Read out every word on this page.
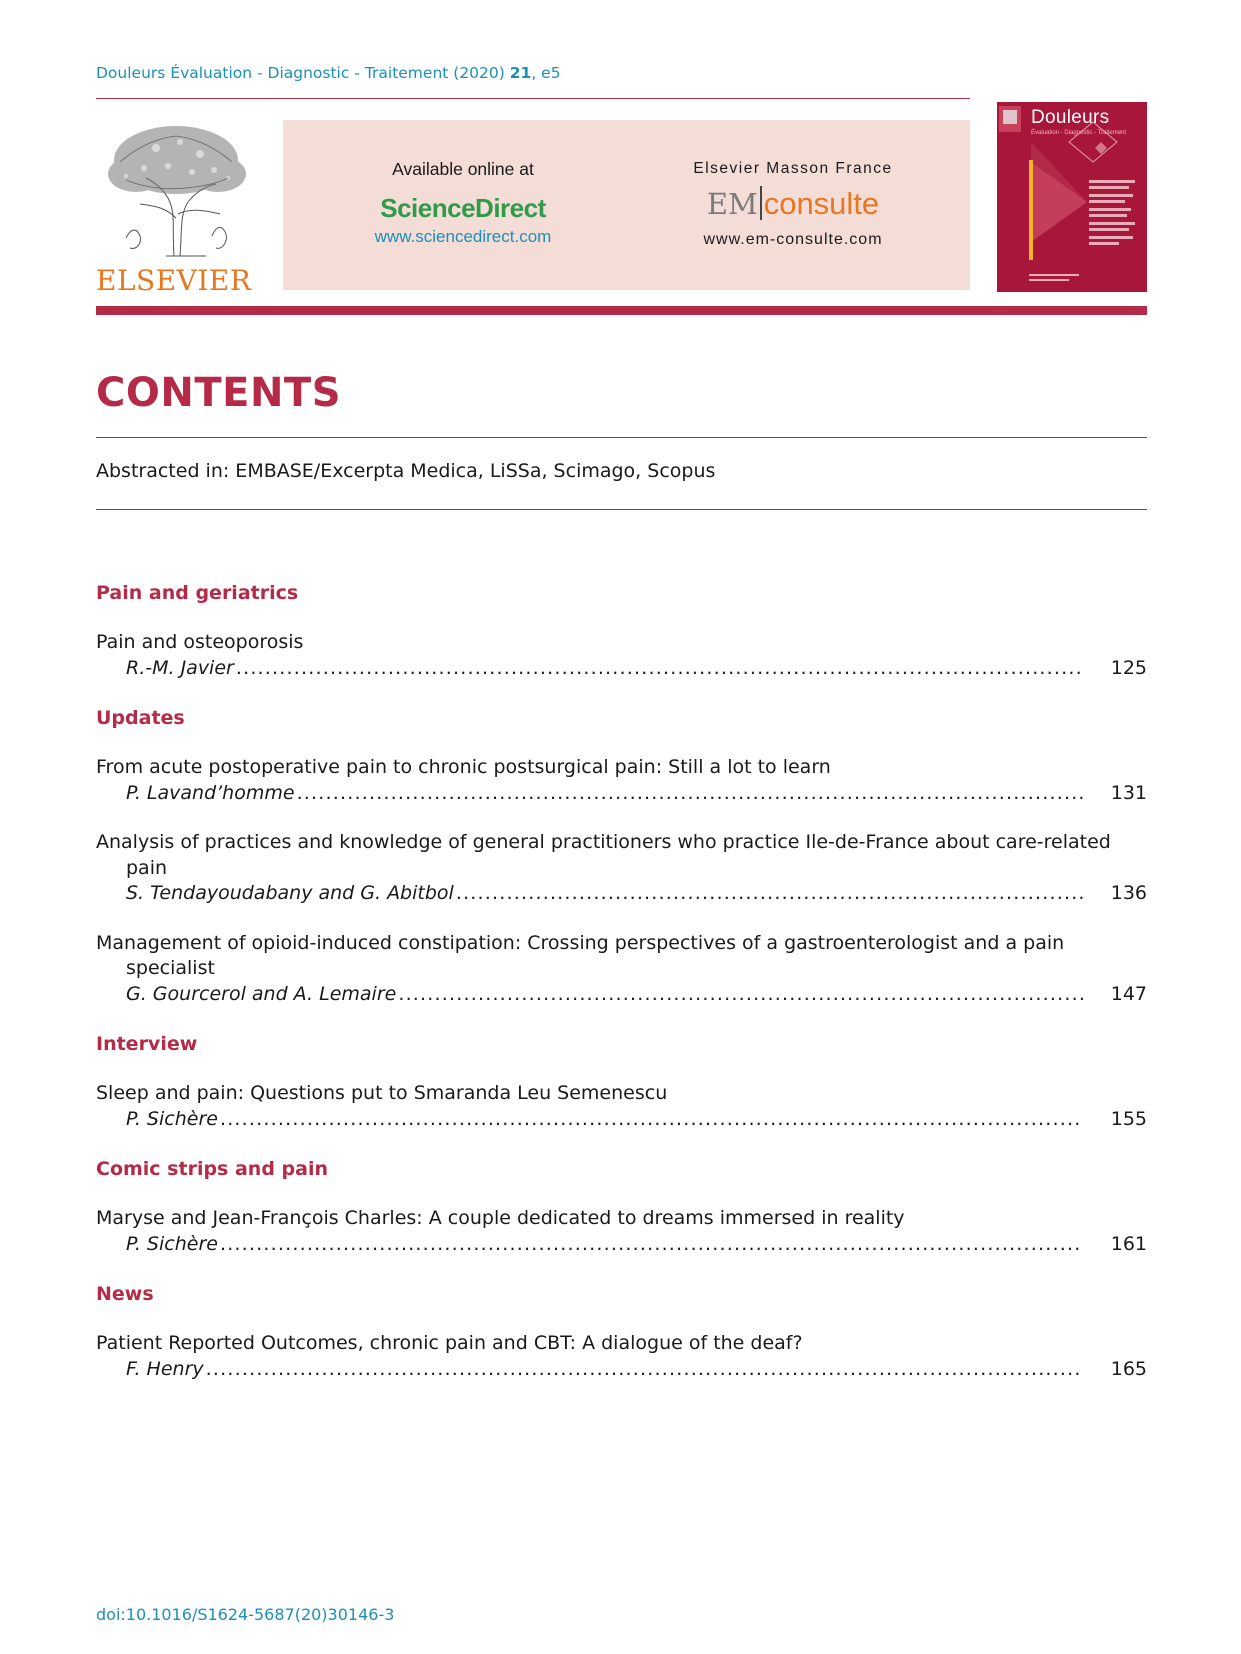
Douleurs Évaluation - Diagnostic - Traitement (2020) 21, e5
ELSEVIER
Available online at
ScienceDirect
www.sciencedirect.com
Elsevier Masson France
EM consulte
www.em-consulte.com
Douleurs
Évaluation - Diagnostic - Traitement
CONTENTS
Abstracted in: EMBASE/Excerpta Medica, LiSSa, Scimago, Scopus
Pain and geriatrics
Pain and osteoporosis
R.-M. Javier .....	125
Updates
From acute postoperative pain to chronic postsurgical pain: Still a lot to learn
P. Lavand’homme .....	131
Analysis of practices and knowledge of general practitioners who practice Ile-de-France about care-related pain
S. Tendayoudabany and G. Abitbol .....	136
Management of opioid-induced constipation: Crossing perspectives of a gastroenterologist and a pain specialist
G. Gourcerol and A. Lemaire .....	147
Interview
Sleep and pain: Questions put to Smaranda Leu Semenescu
P. Sichère .....	155
Comic strips and pain
Maryse and Jean-François Charles: A couple dedicated to dreams immersed in reality
P. Sichère .....	161
News
Patient Reported Outcomes, chronic pain and CBT: A dialogue of the deaf?
F. Henry .....	165
doi:10.1016/S1624-5687(20)30146-3
